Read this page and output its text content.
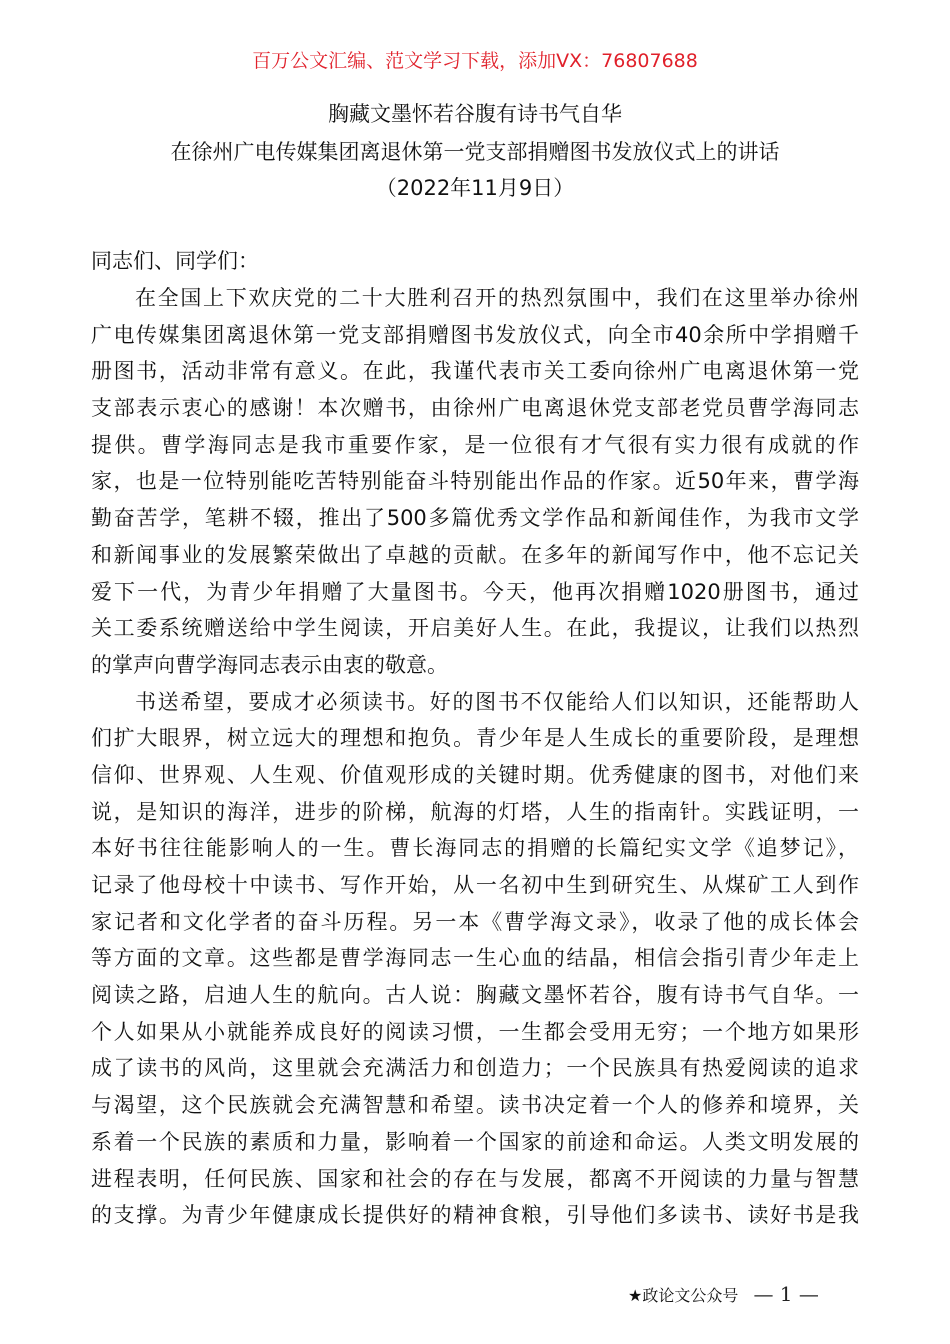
百万公文汇编、范文学习下载，添加VX：76807688
胸藏文墨怀若谷腹有诗书气自华
在徐州广电传媒集团离退休第一党支部捐赠图书发放仪式上的讲话
（2022年11月9日）
同志们、同学们：
在全国上下欢庆党的二十大胜利召开的热烈氛围中，我们在这里举办徐州
广电传媒集团离退休第一党支部捐赠图书发放仪式，向全市40余所中学捐赠千
册图书，活动非常有意义。在此，我谨代表市关工委向徐州广电离退休第一党
支部表示衷心的感谢！本次赠书，由徐州广电离退休党支部老党员曹学海同志
提供。曹学海同志是我市重要作家，是一位很有才气很有实力很有成就的作
家，也是一位特别能吃苦特别能奋斗特别能出作品的作家。近50年来，曹学海
勤奋苦学，笔耕不辍，推出了500多篇优秀文学作品和新闻佳作，为我市文学
和新闻事业的发展繁荣做出了卓越的贡献。在多年的新闻写作中，他不忘记关
爱下一代，为青少年捐赠了大量图书。今天，他再次捐赠1020册图书，通过
关工委系统赠送给中学生阅读，开启美好人生。在此，我提议，让我们以热烈
的掌声向曹学海同志表示由衷的敬意。
书送希望，要成才必须读书。好的图书不仅能给人们以知识，还能帮助人
们扩大眼界，树立远大的理想和抱负。青少年是人生成长的重要阶段，是理想
信仰、世界观、人生观、价值观形成的关键时期。优秀健康的图书，对他们来
说，是知识的海洋，进步的阶梯，航海的灯塔，人生的指南针。实践证明，一
本好书往往能影响人的一生。曹长海同志的捐赠的长篇纪实文学《追梦记》，
记录了他母校十中读书、写作开始，从一名初中生到研究生、从煤矿工人到作
家记者和文化学者的奋斗历程。另一本《曹学海文录》，收录了他的成长体会
等方面的文章。这些都是曹学海同志一生心血的结晶，相信会指引青少年走上
阅读之路，启迪人生的航向。古人说：胸藏文墨怀若谷，腹有诗书气自华。一
个人如果从小就能养成良好的阅读习惯，一生都会受用无穷；一个地方如果形
成了读书的风尚，这里就会充满活力和创造力；一个民族具有热爱阅读的追求
与渴望，这个民族就会充满智慧和希望。读书决定着一个人的修养和境界，关
系着一个民族的素质和力量，影响着一个国家的前途和命运。人类文明发展的
进程表明，任何民族、国家和社会的存在与发展，都离不开阅读的力量与智慧
的支撑。为青少年健康成长提供好的精神食粮，引导他们多读书、读好书是我
★政论文公众号 — 1 —
